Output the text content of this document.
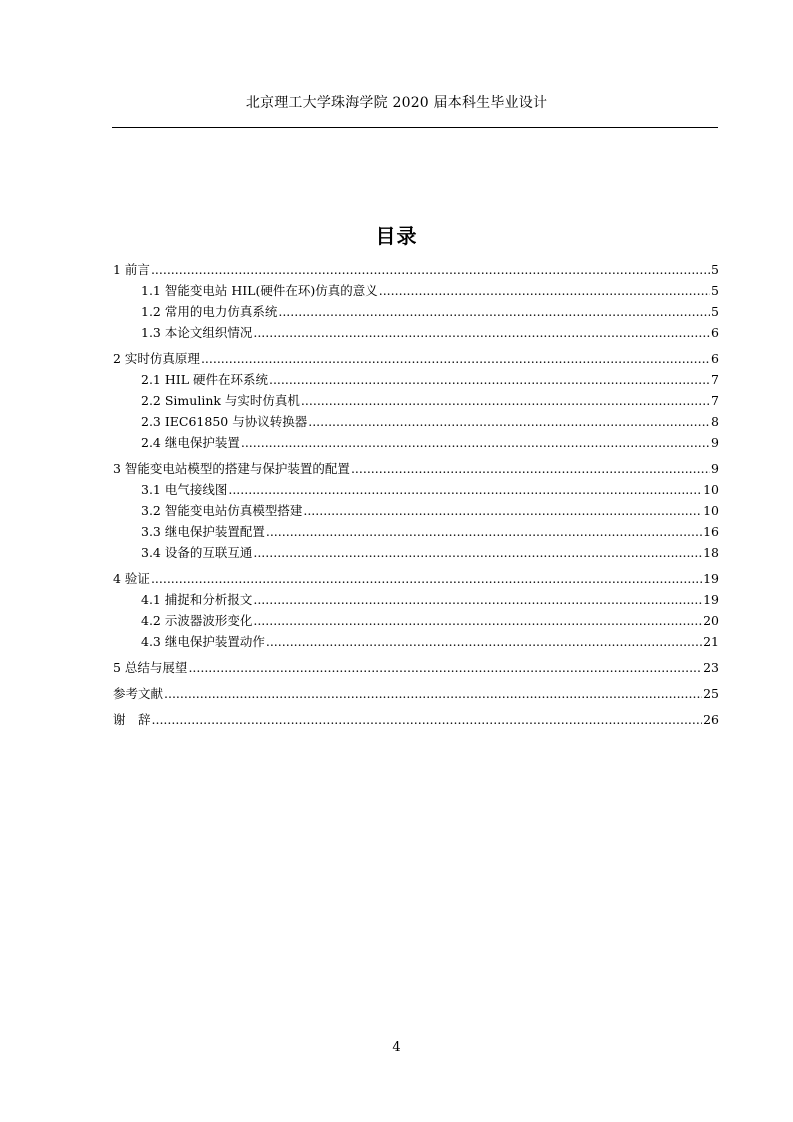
北京理工大学珠海学院 2020 届本科生毕业设计
目录
1 前言 .....	5
1.1 智能变电站 HIL(硬件在环)仿真的意义 .....	5
1.2 常用的电力仿真系统 .....	5
1.3 本论文组织情况 .....	6
2 实时仿真原理 .....	6
2.1 HIL 硬件在环系统 .....	7
2.2 Simulink 与实时仿真机 .....	7
2.3 IEC61850 与协议转换器 .....	8
2.4 继电保护装置 .....	9
3 智能变电站模型的搭建与保护装置的配置 .....	9
3.1 电气接线图 .....	10
3.2 智能变电站仿真模型搭建 .....	10
3.3 继电保护装置配置 .....	16
3.4 设备的互联互通 .....	18
4 验证 .....	19
4.1 捕捉和分析报文 .....	19
4.2 示波器波形变化 .....	20
4.3 继电保护装置动作 .....	21
5 总结与展望 .....	23
参考文献 .....	25
谢　辞 .....	26
4
